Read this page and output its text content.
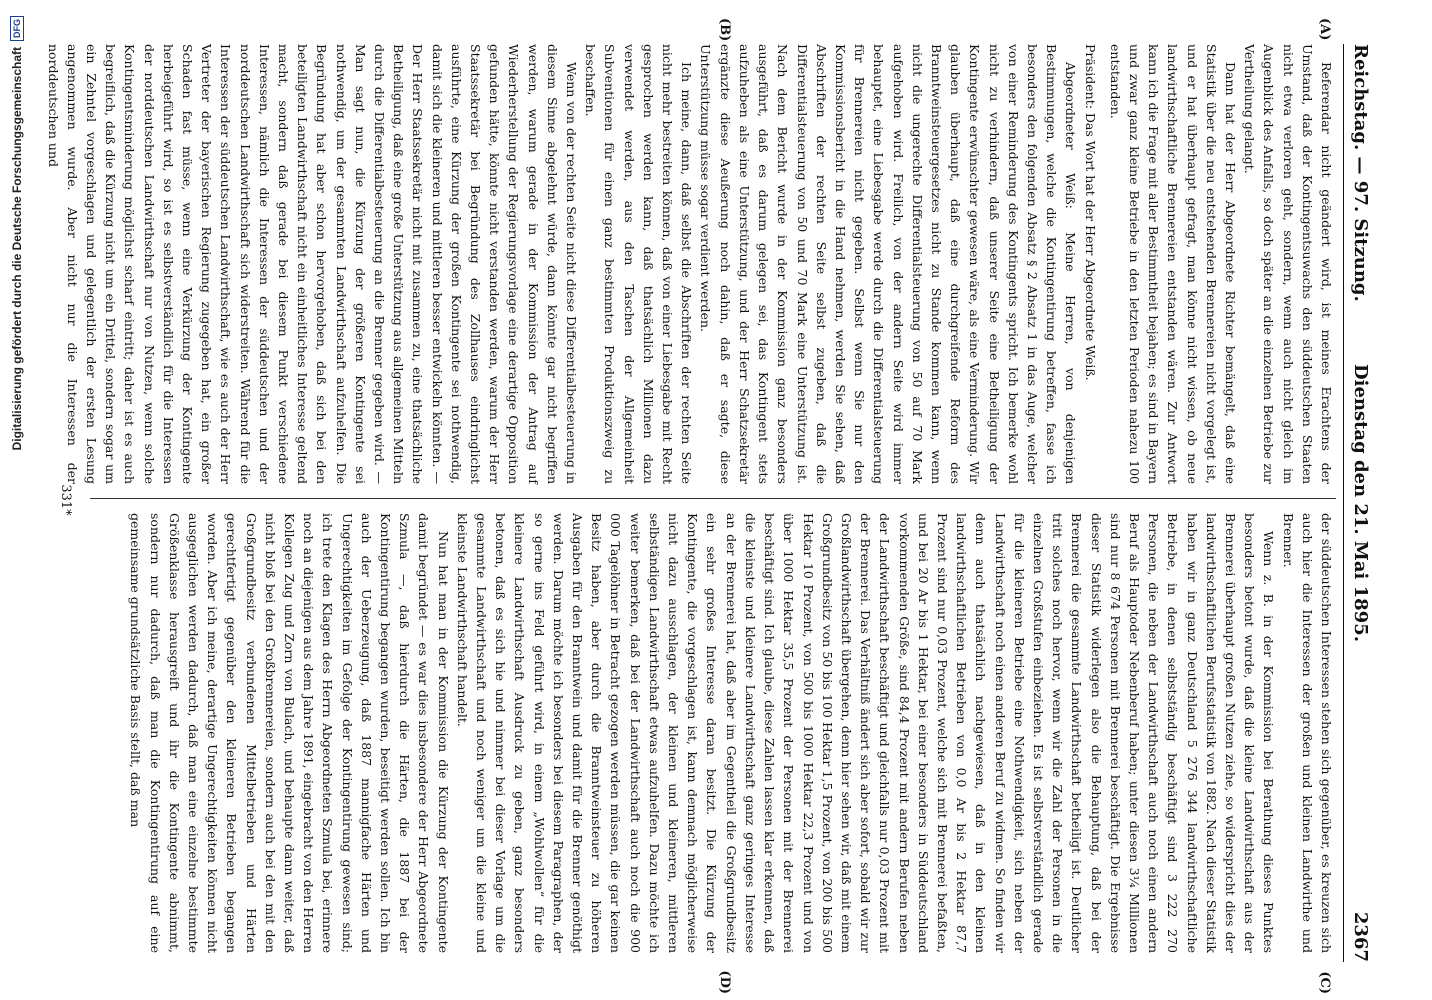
Reichstag. — 97. Sitzung.
Dienstag den 21. Mai 1895.
2367
(A)
(B)
(C)
(D)

Referendar nicht geändert wird, ist meines Erachtens der Umstand, daß der Kontingentsuwachs den süddeutschen Staaten nicht etwa verloren geht, sondern, wenn auch nicht gleich im Augenblick des Anfalls, so doch später an die einzelnen Betriebe zur Vertheilung gelangt.

Dann hat der Herr Abgeordnete Richter bemängelt, daß eine Statistik über die neu entstehenden Brennereien nicht vorgelegt ist, und er hat überhaupt gefragt, man könne nicht wissen, ob neue landwirthschaftliche Brennereien entstanden wären. Zur Antwort kann ich die Frage mit aller Bestimmtheit bejahen; es sind in Bayern und zwar ganz kleine Betriebe in den letzten Perioden nahezu 100 entstanden.

Präsident: Das Wort hat der Herr Abgeordnete Weiß.

Abgeordneter Weiß: Meine Herren, von denjenigen Bestimmungen, welche die Kontingentirung betreffen, fasse ich besonders den folgenden Absatz § 2 Absatz 1 in das Auge, welcher von einer Reminderung des Kontingents spricht. Ich bemerke wohl nicht zu verhindern, daß unserer Seite eine Betheiligung der Kontingente erwünschter gewesen wäre, als eine Verminderung. Wir glauben überhaupt, daß eine durchgreifende Reform des Branntweinsteuergesetzes nicht zu Stande kommen kann, wenn nicht die ungerechte Differentialsteuerung von 50 auf 70 Mark aufgehoben wird. Freilich, von der andern Seite wird immer behauptet, eine Liebesgabe werde durch die Differentialsteuerung für Brennereien nicht gegeben. Selbst wenn Sie nur den Kommissionsbericht in die Hand nehmen, werden Sie sehen, daß Abschriften der rechten Seite selbst zugeben, daß die Differentialsteuerung von 50 und 70 Mark eine Unterstützung ist. Nach dem Bericht wurde in der Kommission ganz besonders ausgeführt, daß es darum gelegen sei, das Kontingent stets aufzuheben als eine Unterstützung, und der Herr Schatzsekretär ergänzte diese Aeußerung noch dahin, daß er sagte, diese Unterstützung müsse sogar verdient werden.

Ich meine, dann, daß selbst die Abschriften der rechten Seite nicht mehr bestreiten können, daß von einer Liebesgabe mit Recht gesprochen werden kann, daß thatsächlich Millionen dazu verwendet werden, aus den Taschen der Allgemeinheit Subventionen für einen ganz bestimmten Produktionszweig zu beschaffen.

Wenn von der rechten Seite nicht diese Differentialbesteuerung in diesem Sinne abgelehnt würde, dann könnte gar nicht begriffen werden, warum gerade in der Kommission der Antrag auf Wiederherstellung der Regierungsvorlage eine derartige Opposition gefunden hätte, könnte nicht verstanden werden, warum der Herr Staatssekretär bei Begründung des Zollhauses eindringlichst ausführte, eine Kürzung der großen Kontingente sei nothwendig, damit sich die kleineren und mittleren besser entwickeln könnten. — Der Herr Staatssekretär nicht mit zusammen zu, eine thatsächliche Betheiligung, daß eine große Unterstützung aus allgemeinen Mitteln durch die Differentialbesteuerung an die Brenner gegeben wird. — Man sagt nun, die Kürzung der größeren Kontingente sei nothwendig, um der gesammten Landwirthschaft aufzuhelfen. Die Begründung hat aber schon hervorgehoben, daß sich bei den beteiligten Landwirthschaft nicht ein einheitliches Interesse geltend macht, sondern daß gerade bei diesem Punkt verschiedene Interessen, nämlich die Interessen der süddeutschen und der norddeutschen Landwirthschaft sich widerstreiten. Während für die Interessen der süddeutschen Landwirthschaft, wie es auch der Herr Vertreter der bayerischen Regierung zugegeben hat, ein großer Schaden fast müsse, wenn eine Verkürzung der Kontingente herbeigeführt wird, so ist es selbstverständlich für die Interessen der norddeutschen Landwirthschaft nur von Nutzen, wenn solche Kontingentsminderung möglichst scharf eintritt; daher ist es auch begreiflich, daß die Kürzung nicht um ein Drittel, sondern sogar um ein Zehntel vorgeschlagen und gelegentlich der ersten Lesung angenommen wurde. Aber nicht nur die Interessen der norddeutschen und

der süddeutschen Interessen stehen sich gegenüber, es kreuzen sich auch hier die Interessen der großen und kleinen Landwirthe und Brenner.

Wenn z. B. in der Kommission bei Berathung dieses Punktes besonders betont wurde, daß die kleine Landwirthschaft aus der Brennerei überhaupt großen Nutzen ziehe, so widerspricht dies der landwirthschaftlichen Berufsstatistik von 1882. Nach dieser Statistik haben wir in ganz Deutschland 5 276 344 landwirthschaftliche Betriebe, in denen selbstständig beschäftigt sind 3 222 270 Personen, die neben der Landwirthschaft auch noch einen andern Beruf als Hauptoder Nebenberuf haben; unter diesen 3¼ Millionen sind nur 8 674 Personen mit Brennerei beschäftigt. Die Ergebnisse dieser Statistik widerlegen also die Behauptung, daß bei der Brennerei die gesammte Landwirthschaft betheiligt ist. Deutlicher tritt solches noch hervor, wenn wir die Zahl der Personen in die einzelnen Großstufen einbeziehen. Es ist selbstverständlich gerade für die kleineren Betriebe eine Nothwendigkeit, sich neben der Landwirthschaft noch einen anderen Beruf zu widmen. So finden wir denn auch thatsächlich nachgewiesen, daß in den kleinen landwirthschaftlichen Betrieben von 0,0 Ar bis 2 Hektar 87,7 Prozent sind nur 0,03 Prozent, welche sich mit Brennerei befaßten, und bei 20 Ar bis 1 Hektar, bei einer besonders in Süddeutschland vorkommenden Größe, sind 84,4 Prozent mit andern Berufen neben der Landwirthschaft beschäftigt und gleichfalls nur 0,03 Prozent mit der Brennerei. Das Verhältniß ändert sich aber sofort, sobald wir zur Großlandwirthschaft übergehen, denn hier sehen wir, daß mit einem Großgrundbesitz von 50 bis 100 Hektar 1,5 Prozent, von 200 bis 500 Hektar 10 Prozent, von 500 bis 1000 Hektar 22,3 Prozent und von über 1000 Hektar 35,5 Prozent der Personen mit der Brennerei beschäftigt sind. Ich glaube, diese Zahlen lassen klar erkennen, daß die kleinste und kleinere Landwirthschaft ganz geringes Interesse an der Brennerei hat, daß aber im Gegentheil die Großgrundbesitz ein sehr großes Interesse daran besitzt. Die Kürzung der Kontingente, die vorgeschlagen ist, kann demnach möglicherweise nicht dazu ausschlagen, der kleinen und kleineren, mittleren selbständigen Landwirthschaft etwas aufzuhelfen. Dazu möchte ich weiter bemerken, daß bei der Landwirthschaft auch noch die 900 000 Tagelöhner in Betracht gezogen werden müssen, die gar keinen Besitz haben, aber durch die Branntweinsteuer zu höheren Ausgaben für den Branntwein und damit für die Brenner genöthigt werden. Darum möchte ich besonders bei diesem Paragraphen, der so gerne ins Feld geführt wird, in einem „Wohlwollen“ für die kleinere Landwirthschaft Ausdruck zu geben, ganz besonders betonen, daß es sich hie und nimmer bei dieser Vorlage um die gesammte Landwirthschaft und noch weniger um die kleine und kleinste Landwirthschaft handelt.

Nun hat man in der Kommission die Kürzung der Kontingente damit begründet — es war dies insbesondere der Herr Abgeordnete Szmula —, daß hierdurch die Härten, die 1887 bei der Kontingentirung begangen wurden, beseitigt werden sollen. Ich bin auch der Ueberzeugung, daß 1887 mannigfache Härten und Ungerechtigkeiten im Gefolge der Kontingentirung gewesen sind; ich trete den Klagen des Herrn Abgeordneten Szmula bei, erinnere noch an diejenigen aus dem Jahre 1891, eingebracht von den Herren Kollegen Zug und Zorn von Bulach, und behaupte dann weiter, daß nicht bloß bei den Großbrennereien, sondern auch bei den mit den Großgrundbesitz verbundenen Mittelbetrieben und Härten gerechtfertigt gegenüber den kleineren Betrieben begangen worden. Aber ich meine, derartige Ungerechtigkeiten können nicht ausgeglichen werden dadurch, daß man eine einzelne bestimmte Größenklasse herausgreift und ihr die Kontingente abnimmt, sondern nur dadurch, daß man die Kontingentirung auf eine gemeinsame grundsätzliche Basis stellt, daß man

331*
Digitalisierung gefördert durch die Deutsche Forschungsgemeinschaft
DFG
